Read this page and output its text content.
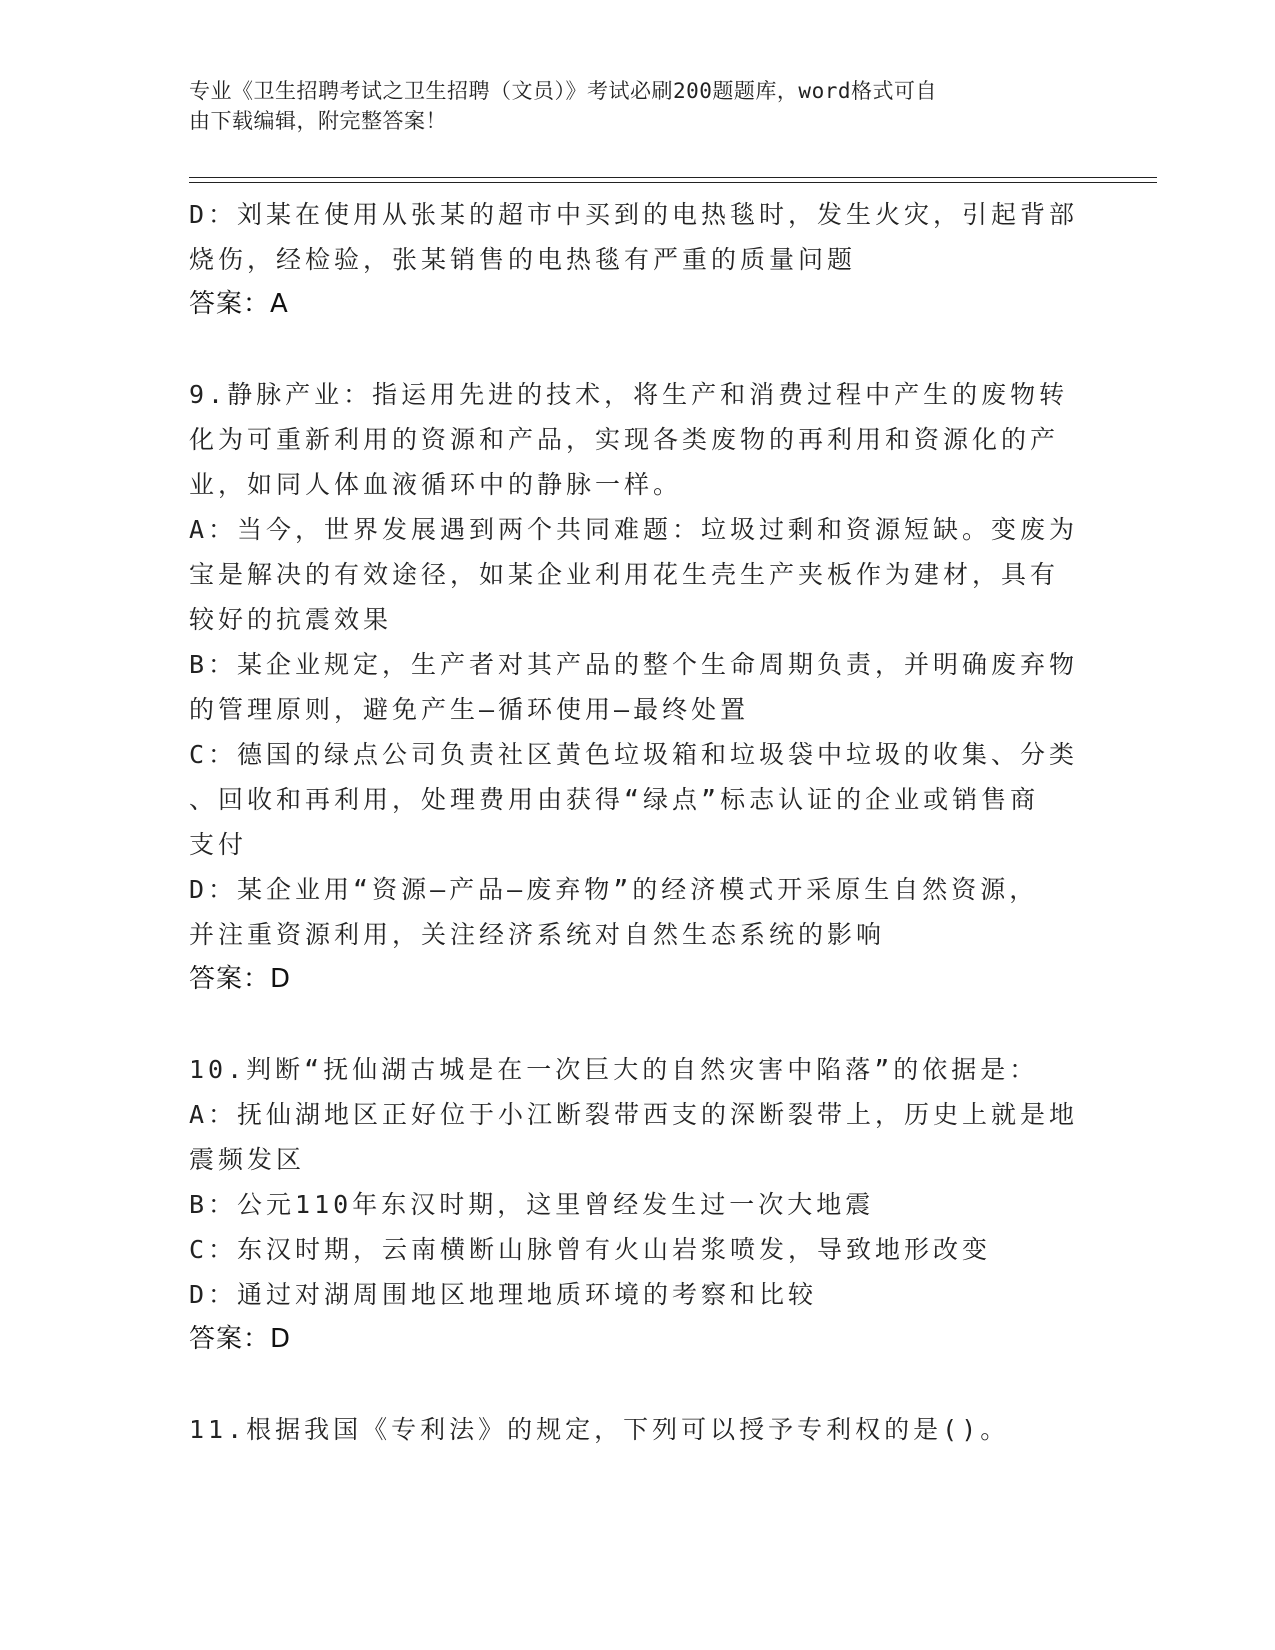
专业《卫生招聘考试之卫生招聘（文员）》考试必刷200题题库，word格式可自
由下载编辑，附完整答案！
D：刘某在使用从张某的超市中买到的电热毯时，发生火灾，引起背部
烧伤，经检验，张某销售的电热毯有严重的质量问题
答案：A
9.静脉产业：指运用先进的技术，将生产和消费过程中产生的废物转
化为可重新利用的资源和产品，实现各类废物的再利用和资源化的产
业，如同人体血液循环中的静脉一样。
A：当今，世界发展遇到两个共同难题：垃圾过剩和资源短缺。变废为
宝是解决的有效途径，如某企业利用花生壳生产夹板作为建材，具有
较好的抗震效果
B：某企业规定，生产者对其产品的整个生命周期负责，并明确废弃物
的管理原则，避免产生—循环使用—最终处置
C：德国的绿点公司负责社区黄色垃圾箱和垃圾袋中垃圾的收集、分类
、回收和再利用，处理费用由获得“绿点”标志认证的企业或销售商
支付
D：某企业用“资源—产品—废弃物”的经济模式开采原生自然资源，
并注重资源利用，关注经济系统对自然生态系统的影响
答案：D
10.判断“抚仙湖古城是在一次巨大的自然灾害中陷落”的依据是：
A：抚仙湖地区正好位于小江断裂带西支的深断裂带上，历史上就是地
震频发区
B：公元110年东汉时期，这里曾经发生过一次大地震
C：东汉时期，云南横断山脉曾有火山岩浆喷发，导致地形改变
D：通过对湖周围地区地理地质环境的考察和比较
答案：D
11.根据我国《专利法》的规定，下列可以授予专利权的是()。
